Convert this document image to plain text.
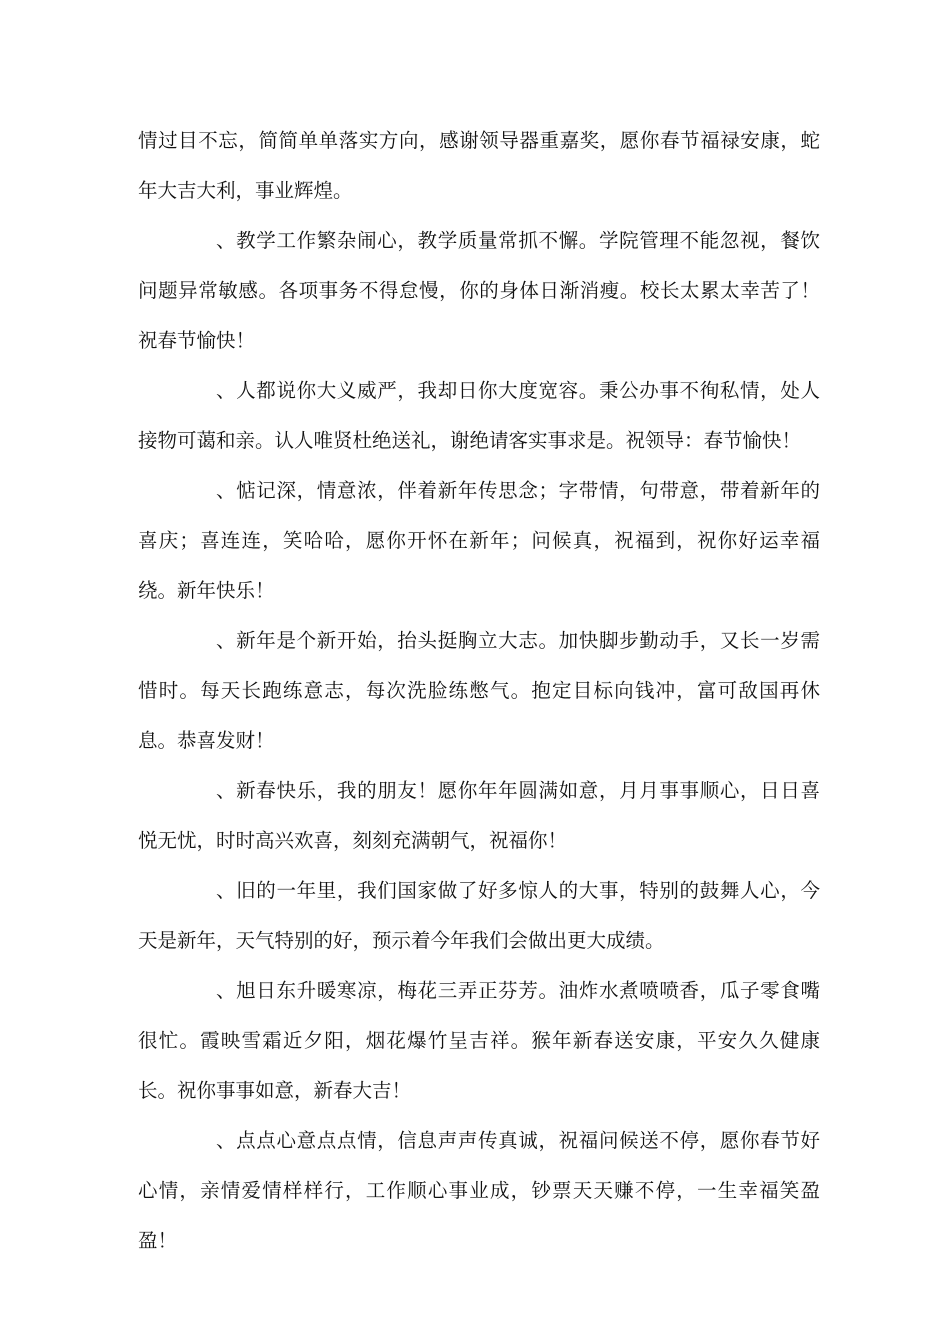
情过目不忘，简简单单落实方向，感谢领导器重嘉奖，愿你春节福禄安康，蛇年大吉大利，事业辉煌。

、教学工作繁杂闹心，教学质量常抓不懈。学院管理不能忽视，餐饮问题异常敏感。各项事务不得怠慢，你的身体日渐消瘦。校长太累太幸苦了！祝春节愉快！

、人都说你大义威严，我却日你大度宽容。秉公办事不徇私情，处人接物可蔼和亲。认人唯贤杜绝送礼，谢绝请客实事求是。祝领导：春节愉快！

、惦记深，情意浓，伴着新年传思念；字带情，句带意，带着新年的喜庆；喜连连，笑哈哈，愿你开怀在新年；问候真，祝福到，祝你好运幸福绕。新年快乐！

、新年是个新开始，抬头挺胸立大志。加快脚步勤动手，又长一岁需惜时。每天长跑练意志，每次洗脸练憋气。抱定目标向钱冲，富可敌国再休息。恭喜发财！

、新春快乐，我的朋友！愿你年年圆满如意，月月事事顺心，日日喜悦无忧，时时高兴欢喜，刻刻充满朝气，祝福你！

、旧的一年里，我们国家做了好多惊人的大事，特别的鼓舞人心，今天是新年，天气特别的好，预示着今年我们会做出更大成绩。

、旭日东升暖寒凉，梅花三弄正芬芳。油炸水煮喷喷香，瓜子零食嘴很忙。霞映雪霜近夕阳，烟花爆竹呈吉祥。猴年新春送安康，平安久久健康长。祝你事事如意，新春大吉！

、点点心意点点情，信息声声传真诚，祝福问候送不停，愿你春节好心情，亲情爱情样样行，工作顺心事业成，钞票天天赚不停，一生幸福笑盈盈！
